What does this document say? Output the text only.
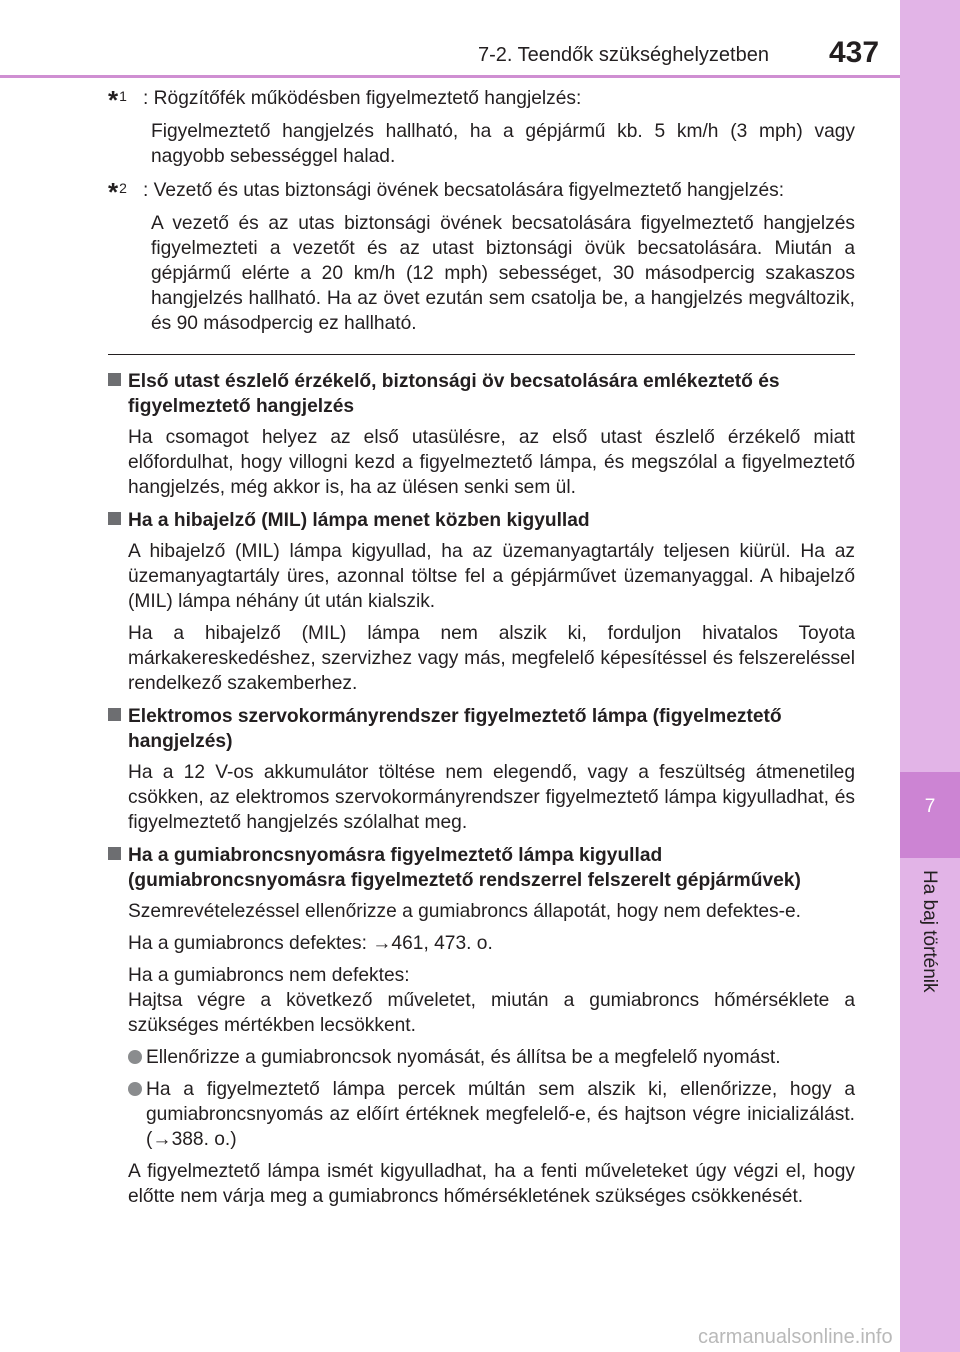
7-2. Teendők szükséghelyzetben 437
7
Ha baj történik
*$^1$ : Rögzítőfék működésben figyelmeztető hangjelzés:

Figyelmeztető hangjelzés hallható, ha a gépjármű kb. 5 km/h (3 mph) vagy nagyobb sebességgel halad.

*$^2$ : Vezető és utas biztonsági övének becsatolására figyelmeztető hangjelzés:

A vezető és az utas biztonsági övének becsatolására figyelmeztető hangjelzés figyelmezteti a vezetőt és az utast biztonsági övük becsatolására. Miután a gépjármű elérte a 20 km/h (12 mph) sebességet, 30 másodpercig szakaszos hangjelzés hallható. Ha az övet ezután sem csatolja be, a hangjelzés megváltozik, és 90 másodpercig ez hallható.

Első utast észlelő érzékelő, biztonsági öv becsatolására emlékeztető és figyelmeztető hangjelzés

Ha csomagot helyez az első utasülésre, az első utast észlelő érzékelő miatt előfordulhat, hogy villogni kezd a figyelmeztető lámpa, és megszólal a figyelmeztető hangjelzés, még akkor is, ha az ülésen senki sem ül.

Ha a hibajelző (MIL) lámpa menet közben kigyullad

A hibajelző (MIL) lámpa kigyullad, ha az üzemanyagtartály teljesen kiürül. Ha az üzemanyagtartály üres, azonnal töltse fel a gépjárművet üzemanyaggal. A hibajelző (MIL) lámpa néhány út után kialszik.

Ha a hibajelző (MIL) lámpa nem alszik ki, forduljon hivatalos Toyota márkakereskedéshez, szervizhez vagy más, megfelelő képesítéssel és felszereléssel rendelkező szakemberhez.

Elektromos szervokormányrendszer figyelmeztető lámpa (figyelmeztető hangjelzés)

Ha a 12 V-os akkumulátor töltése nem elegendő, vagy a feszültség átmenetileg csökken, az elektromos szervokormányrendszer figyelmeztető lámpa kigyulladhat, és figyelmeztető hangjelzés szólalhat meg.

Ha a gumiabroncsnyomásra figyelmeztető lámpa kigyullad (gumiabroncsnyomásra figyelmeztető rendszerrel felszerelt gépjárművek)

Szemrevételezéssel ellenőrizze a gumiabroncs állapotát, hogy nem defektes-e.

Ha a gumiabroncs defektes: →461, 473. o.

Ha a gumiabroncs nem defektes:

Hajtsa végre a következő műveletet, miután a gumiabroncs hőmérséklete a szükséges mértékben lecsökkent.

Ellenőrizze a gumiabroncsok nyomását, és állítsa be a megfelelő nyomást.

Ha a figyelmeztető lámpa percek múltán sem alszik ki, ellenőrizze, hogy a gumiabroncsnyomás az előírt értéknek megfelelő-e, és hajtson végre inicializálást. (→388. o.)

A figyelmeztető lámpa ismét kigyulladhat, ha a fenti műveleteket úgy végzi el, hogy előtte nem várja meg a gumiabroncs hőmérsékletének szükséges csökkenését.

carmanualsonline.info
